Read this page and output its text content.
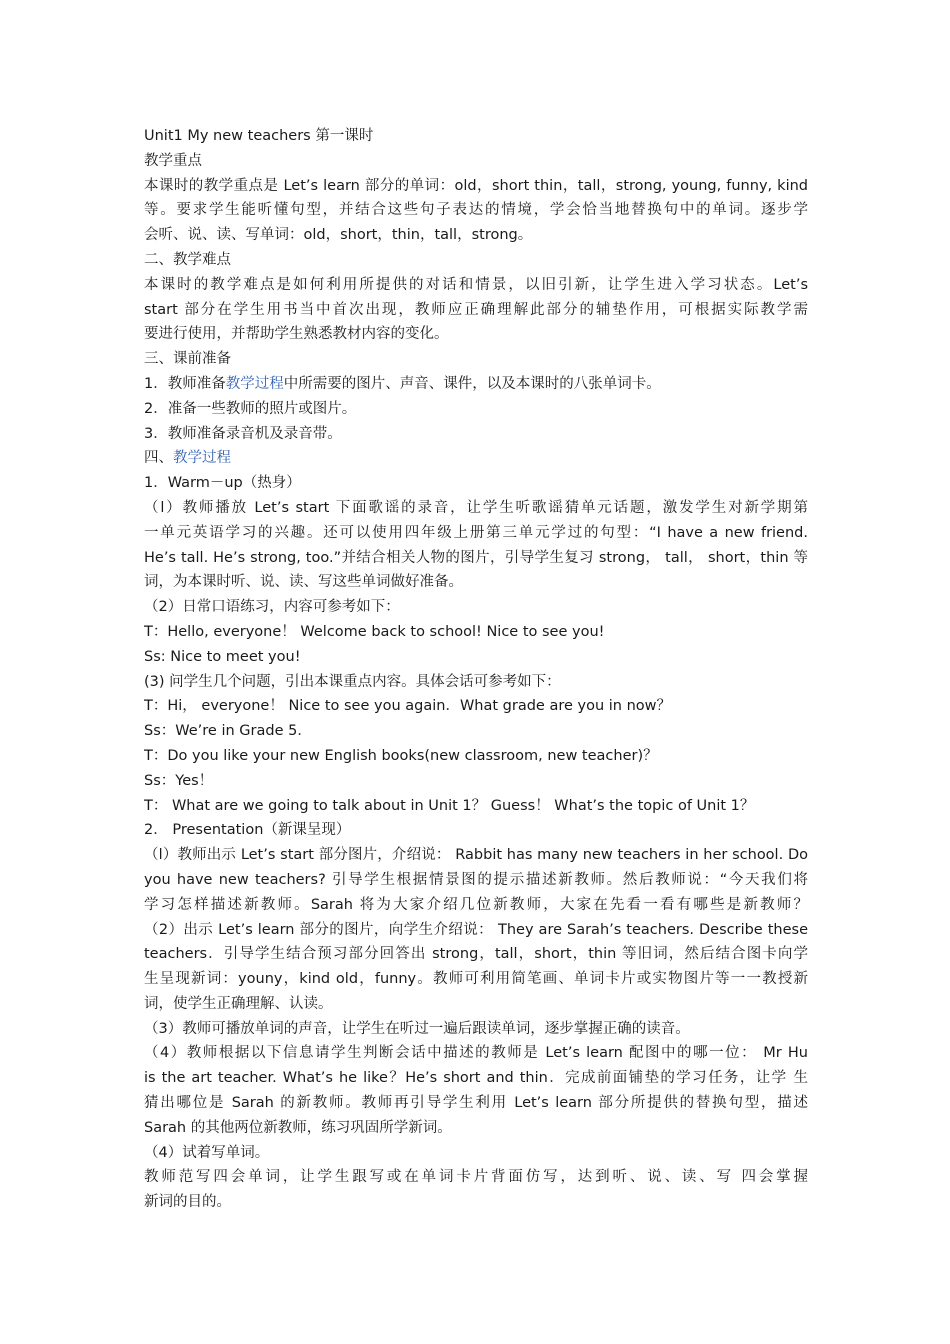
Unit1 My new teachers 第一课时
教学重点
本课时的教学重点是 Let’s learn 部分的单词：old，short thin，tall，strong, young, funny, kind
等。要求学生能听懂句型，并结合这些句子表达的情境，学会恰当地替换句中的单词。逐步学
会听、说、读、写单词：old，short，thin，tall，strong。
二、教学难点
本课时的教学难点是如何利用所提供的对话和情景，以旧引新，让学生进入学习状态。Let’s
start 部分在学生用书当中首次出现，教师应正确理解此部分的辅垫作用，可根据实际教学需
要进行使用，并帮助学生熟悉教材内容的变化。
三、课前准备
1．教师准备教学过程中所需要的图片、声音、课件，以及本课时的八张单词卡。
2．准备一些教师的照片或图片。
3．教师准备录音机及录音带。
四、教学过程
1．Warm－up（热身）
（l）教师播放 Let’s start 下面歌谣的录音，让学生听歌谣猜单元话题，激发学生对新学期第
一单元英语学习的兴趣。还可以使用四年级上册第三单元学过的句型：“I have a new friend.
He’s tall. He’s strong, too.”并结合相关人物的图片，引导学生复习 strong， tall， short，thin 等
词，为本课时听、说、读、写这些单词做好准备。
（2）日常口语练习，内容可参考如下：
T：Hello, everyone！ Welcome back to school! Nice to see you!
Ss: Nice to meet you!
(3) 问学生几个问题，引出本课重点内容。具体会话可参考如下：
T：Hi， everyone！ Nice to see you again．What grade are you in now？
Ss：We’re in Grade 5．
T：Do you like your new English books(new classroom, new teacher)？
Ss：Yes！
T： What are we going to talk about in Unit 1？ Guess！ What’s the topic of Unit 1？
2． Presentation（新课呈现）
（l）教师出示 Let’s start 部分图片，介绍说： Rabbit has many new teachers in her school. Do
you have new teachers? 引导学生根据情景图的提示描述新教师。然后教师说：“今天我们将
学习怎样描述新教师。Sarah 将为大家介绍几位新教师，大家在先看一看有哪些是新教师？
（2）出示 Let’s learn 部分的图片，向学生介绍说： They are Sarah’s teachers. Describe these
teachers．引导学生结合预习部分回答出 strong，tall，short，thin 等旧词，然后结合图卡向学
生呈现新词：youny，kind old，funny。教师可利用简笔画、单词卡片或实物图片等一一教授新
词，使学生正确理解、认读。
（3）教师可播放单词的声音，让学生在听过一遍后跟读单词，逐步掌握正确的读音。
（4）教师根据以下信息请学生判断会话中描述的教师是 Let’s learn 配图中的哪一位： Mr Hu
is the art teacher. What’s he like？He’s short and thin．完成前面铺垫的学习任务，让学 生
猜出哪位是 Sarah 的新教师。教师再引导学生利用 Let’s learn 部分所提供的替换句型，描述
Sarah 的其他两位新教师，练习巩固所学新词。
（4）试着写单词。
教师范写四会单词，让学生跟写或在单词卡片背面仿写，达到听、说、读、写 四会掌握
新词的目的。
